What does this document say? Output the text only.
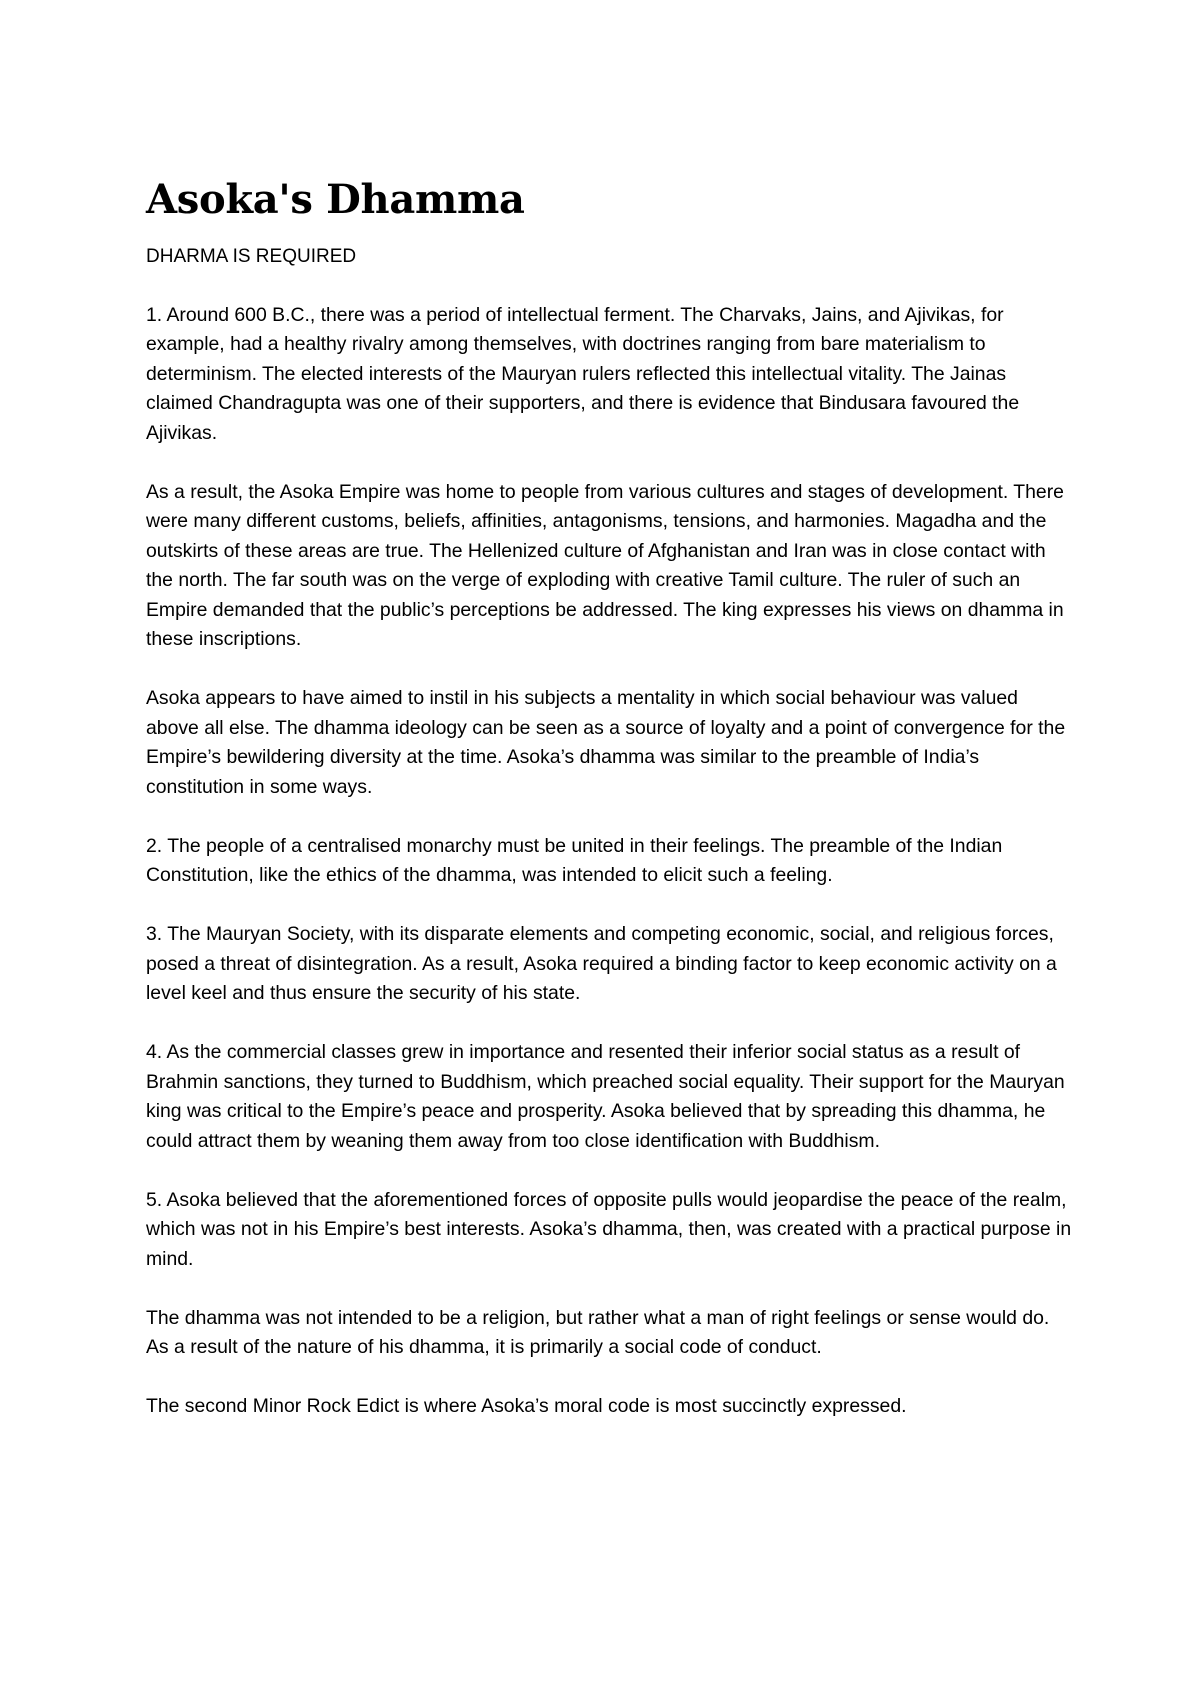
Asoka's Dhamma
DHARMA IS REQUIRED

1. Around 600 B.C., there was a period of intellectual ferment. The Charvaks, Jains, and Ajivikas, for example, had a healthy rivalry among themselves, with doctrines ranging from bare materialism to determinism. The elected interests of the Mauryan rulers reflected this intellectual vitality. The Jainas claimed Chandragupta was one of their supporters, and there is evidence that Bindusara favoured the Ajivikas.

As a result, the Asoka Empire was home to people from various cultures and stages of development. There were many different customs, beliefs, affinities, antagonisms, tensions, and harmonies. Magadha and the outskirts of these areas are true. The Hellenized culture of Afghanistan and Iran was in close contact with the north. The far south was on the verge of exploding with creative Tamil culture. The ruler of such an Empire demanded that the public’s perceptions be addressed. The king expresses his views on dhamma in these inscriptions.

Asoka appears to have aimed to instil in his subjects a mentality in which social behaviour was valued above all else. The dhamma ideology can be seen as a source of loyalty and a point of convergence for the Empire’s bewildering diversity at the time. Asoka’s dhamma was similar to the preamble of India’s constitution in some ways.

2. The people of a centralised monarchy must be united in their feelings. The preamble of the Indian Constitution, like the ethics of the dhamma, was intended to elicit such a feeling.

3. The Mauryan Society, with its disparate elements and competing economic, social, and religious forces, posed a threat of disintegration. As a result, Asoka required a binding factor to keep economic activity on a level keel and thus ensure the security of his state.

4. As the commercial classes grew in importance and resented their inferior social status as a result of Brahmin sanctions, they turned to Buddhism, which preached social equality. Their support for the Mauryan king was critical to the Empire’s peace and prosperity. Asoka believed that by spreading this dhamma, he could attract them by weaning them away from too close identification with Buddhism.

5. Asoka believed that the aforementioned forces of opposite pulls would jeopardise the peace of the realm, which was not in his Empire’s best interests. Asoka’s dhamma, then, was created with a practical purpose in mind.

The dhamma was not intended to be a religion, but rather what a man of right feelings or sense would do. As a result of the nature of his dhamma, it is primarily a social code of conduct.

The second Minor Rock Edict is where Asoka’s moral code is most succinctly expressed.
